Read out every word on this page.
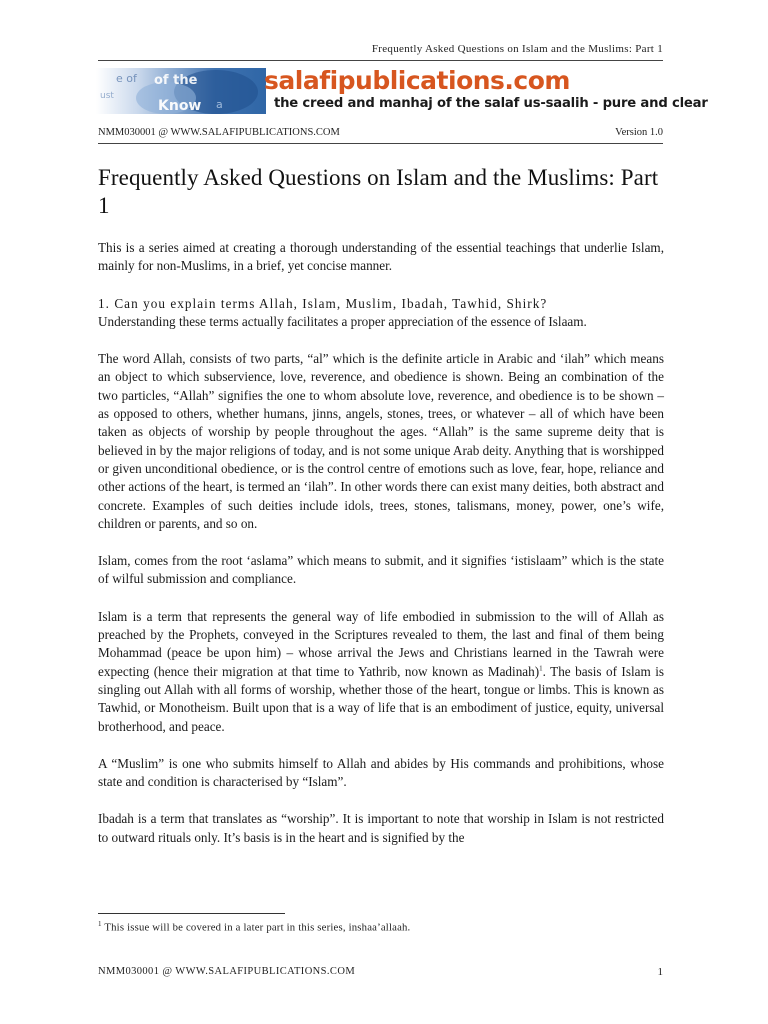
Frequently Asked Questions on Islam and the Muslims: Part 1
e of of the
ust
Know a
salafipublications.com
the creed and manhaj of the salaf us-saalih - pure and clear
NMM030001 @ WWW.SALAFIPUBLICATIONS.COM	Version 1.0
Frequently Asked Questions on Islam and the Muslims: Part 1

This is a series aimed at creating a thorough understanding of the essential teachings that underlie Islam, mainly for non-Muslims, in a brief, yet concise manner.

1. Can you explain terms Allah, Islam, Muslim, Ibadah, Tawhid, Shirk?
Understanding these terms actually facilitates a proper appreciation of the essence of Islaam.

The word Allah, consists of two parts, “al” which is the definite article in Arabic and ‘ilah” which means an object to which subservience, love, reverence, and obedience is shown. Being an combination of the two particles, “Allah” signifies the one to whom absolute love, reverence, and obedience is to be shown – as opposed to others, whether humans, jinns, angels, stones, trees, or whatever – all of which have been taken as objects of worship by people throughout the ages. “Allah” is the same supreme deity that is believed in by the major religions of today, and is not some unique Arab deity. Anything that is worshipped or given unconditional obedience, or is the control centre of emotions such as love, fear, hope, reliance and other actions of the heart, is termed an ‘ilah”. In other words there can exist many deities, both abstract and concrete. Examples of such deities include idols, trees, stones, talismans, money, power, one’s wife, children or parents, and so on.

Islam, comes from the root ‘aslama” which means to submit, and it signifies ‘istislaam” which is the state of wilful submission and compliance.

Islam is a term that represents the general way of life embodied in submission to the will of Allah as preached by the Prophets, conveyed in the Scriptures revealed to them, the last and final of them being Mohammad (peace be upon him) – whose arrival the Jews and Christians learned in the Tawrah were expecting (hence their migration at that time to Yathrib, now known as Madinah)$^1$. The basis of Islam is singling out Allah with all forms of worship, whether those of the heart, tongue or limbs. This is known as Tawhid, or Monotheism. Built upon that is a way of life that is an embodiment of justice, equity, universal brotherhood, and peace.

A “Muslim” is one who submits himself to Allah and abides by His commands and prohibitions, whose state and condition is characterised by “Islam”.

Ibadah is a term that translates as “worship”. It is important to note that worship in Islam is not restricted to outward rituals only. It’s basis is in the heart and is signified by the

$^1$ This issue will be covered in a later part in this series, inshaa’allaah.
NMM030001 @ WWW.SALAFIPUBLICATIONS.COM	1
